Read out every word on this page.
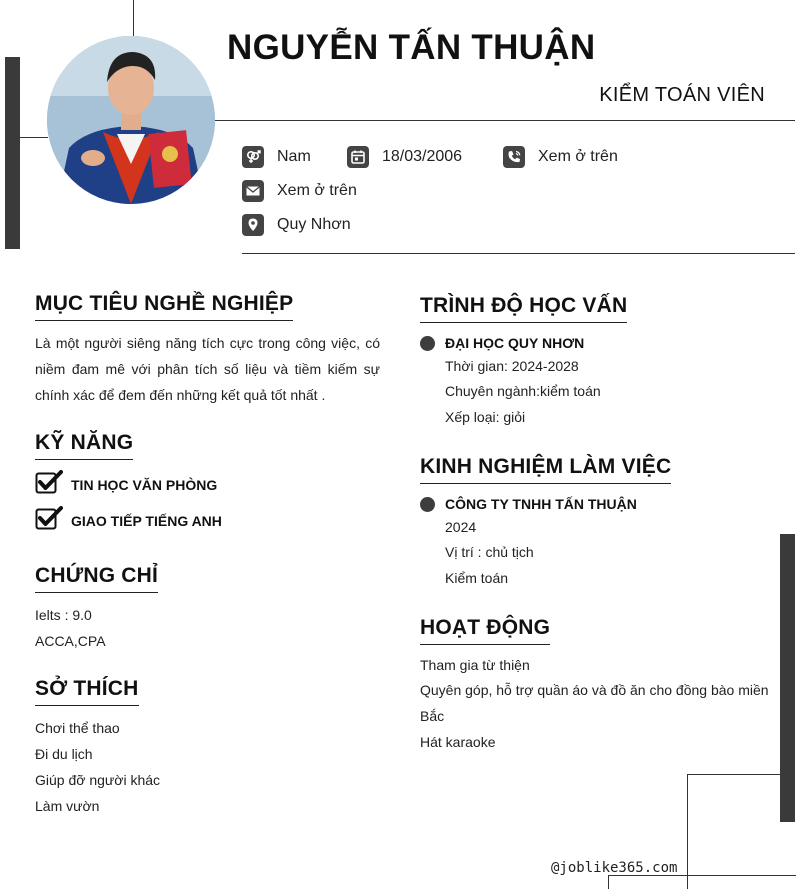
NGUYỄN TẤN THUẬN
KIỂM TOÁN VIÊN
Nam	18/03/2006	Xem ở trên
Xem ở trên
Quy Nhơn
MỤC TIÊU NGHỀ NGHIỆP
Là một người siêng năng tích cực trong công việc, có niềm đam mê với phân tích số liệu và tiềm kiếm sự chính xác để đem đến những kết quả tốt nhất .
KỸ NĂNG
TIN HỌC VĂN PHÒNG
GIAO TIẾP TIẾNG ANH
CHỨNG CHỈ
Ielts : 9.0
ACCA,CPA
SỞ THÍCH
Chơi thể thao
Đi du lịch
Giúp đỡ người khác
Làm vườn
TRÌNH ĐỘ HỌC VẤN
ĐẠI HỌC QUY NHƠN
Thời gian: 2024-2028
Chuyên ngành:kiểm toán
Xếp loại: giỏi
KINH NGHIỆM LÀM VIỆC
CÔNG TY TNHH TẤN THUẬN
2024
Vị trí : chủ tịch
Kiểm toán
HOẠT ĐỘNG
Tham gia từ thiện
Quyên góp, hỗ trợ quần áo và đồ ăn cho đồng bào miền
Bắc
Hát karaoke
@joblike365.com
